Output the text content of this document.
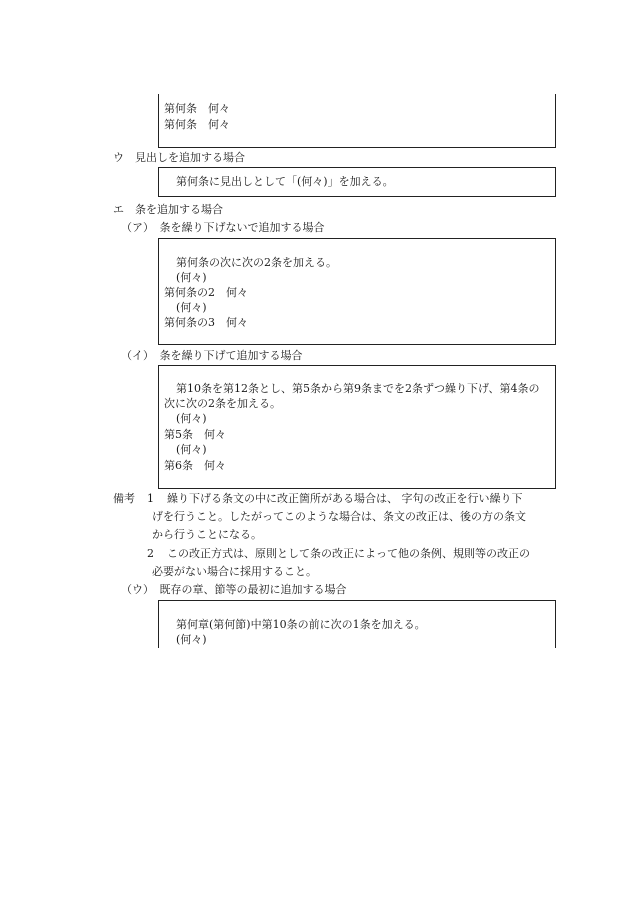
第何条　何々
第何条　何々
ウ　見出しを追加する場合
第何条に見出しとして「(何々)」を加える。
エ　条を追加する場合
（ア）　条を繰り下げないで追加する場合
第何条の次に次の2条を加える。
(何々)
第何条の2　何々
(何々)
第何条の3　何々
（イ）　条を繰り下げて追加する場合
第10条を第12条とし、第5条から第9条までを2条ずつ繰り下げ、第4条の
次に次の2条を加える。
(何々)
第5条　何々
(何々)
第6条　何々
備考 1 繰り下げる条文の中に改正箇所がある場合は、 字句の改正を行い繰り下
げを行うこと。したがってこのような場合は、条文の改正は、後の方の条文
から行うことになる。
2 この改正方式は、原則として条の改正によって他の条例、規則等の改正の
必要がない場合に採用すること。
（ウ）　既存の章、節等の最初に追加する場合
第何章(第何節)中第10条の前に次の1条を加える。
(何々)
